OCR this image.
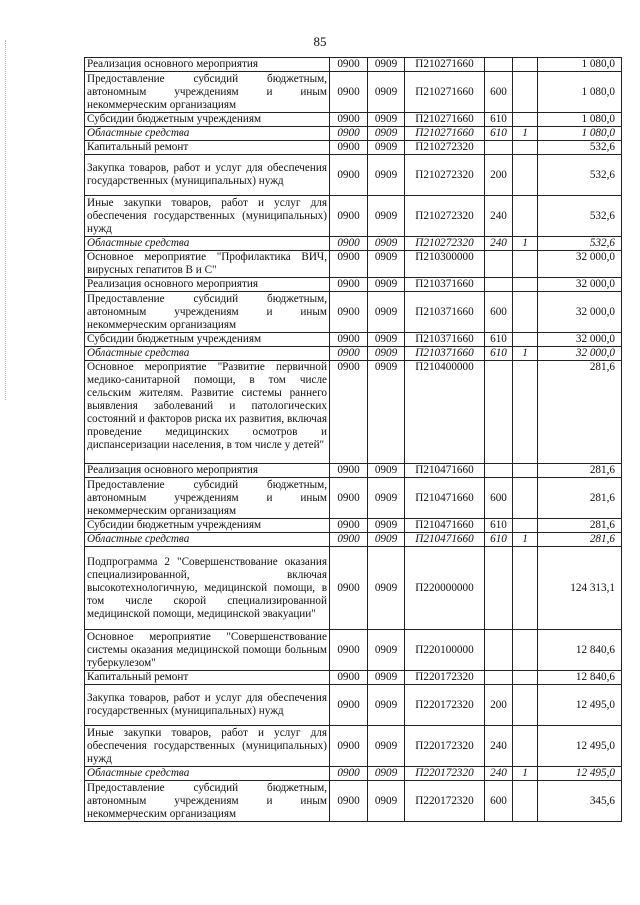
85
Реализация основного мероприятия	0900	0909	П210271660			1 080,0
Предоставление субсидий бюджетным, автономным учреждениям и иным некоммерческим организациям	0900	0909	П210271660	600		1 080,0
Субсидии бюджетным учреждениям	0900	0909	П210271660	610		1 080,0
Областные средства	0900	0909	П210271660	610	1	1 080,0
Капитальный ремонт	0900	0909	П210272320			532,6
Закупка товаров, работ и услуг для обеспечения государственных (муниципальных) нужд	0900	0909	П210272320	200		532,6
Иные закупки товаров, работ и услуг для обеспечения государственных (муниципальных) нужд	0900	0909	П210272320	240		532,6
Областные средства	0900	0909	П210272320	240	1	532,6
Основное мероприятие "Профилактика ВИЧ, вирусных гепатитов В и С"	0900	0909	П210300000			32 000,0
Реализация основного мероприятия	0900	0909	П210371660			32 000,0
Предоставление субсидий бюджетным, автономным учреждениям и иным некоммерческим организациям	0900	0909	П210371660	600		32 000,0
Субсидии бюджетным учреждениям	0900	0909	П210371660	610		32 000,0
Областные средства	0900	0909	П210371660	610	1	32 000,0
Основное мероприятие "Развитие первичной медико-санитарной помощи, в том числе сельским жителям. Развитие системы раннего выявления заболеваний и патологических состояний и факторов риска их развития, включая проведение медицинских осмотров и диспансеризации населения, в том числе у детей"	0900	0909	П210400000			281,6
Реализация основного мероприятия	0900	0909	П210471660			281,6
Предоставление субсидий бюджетным, автономным учреждениям и иным некоммерческим организациям	0900	0909	П210471660	600		281,6
Субсидии бюджетным учреждениям	0900	0909	П210471660	610		281,6
Областные средства	0900	0909	П210471660	610	1	281,6
Подпрограмма 2 "Совершенствование оказания специализированной, включая высокотехнологичную, медицинской помощи, в том числе скорой специализированной медицинской помощи, медицинской эвакуации"	0900	0909	П220000000			124 313,1
Основное мероприятие "Совершенствование системы оказания медицинской помощи больным туберкулезом"	0900	0909	П220100000			12 840,6
Капитальный ремонт	0900	0909	П220172320			12 840,6
Закупка товаров, работ и услуг для обеспечения государственных (муниципальных) нужд	0900	0909	П220172320	200		12 495,0
Иные закупки товаров, работ и услуг для обеспечения государственных (муниципальных) нужд	0900	0909	П220172320	240		12 495,0
Областные средства	0900	0909	П220172320	240	1	12 495,0
Предоставление субсидий бюджетным, автономным учреждениям и иным некоммерческим организациям	0900	0909	П220172320	600		345,6
